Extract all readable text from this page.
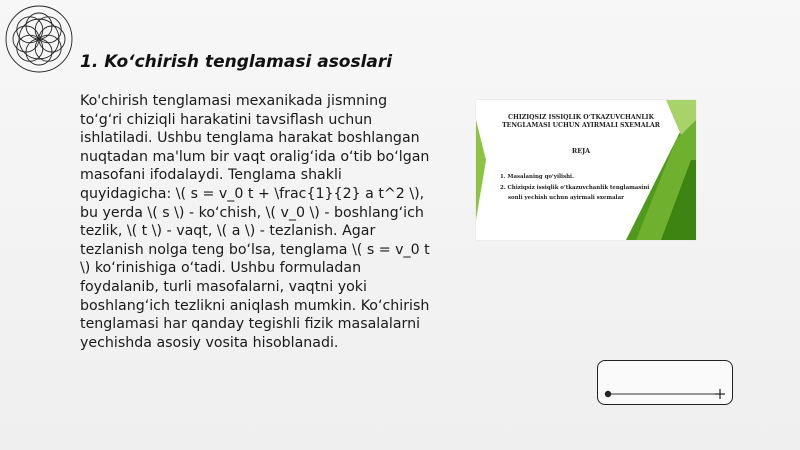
1. Ko‘chirish tenglamasi asoslari
Ko'chirish tenglamasi mexanikada jismning to‘g‘ri chiziqli harakatini tavsiflash uchun ishlatiladi. Ushbu tenglama harakat boshlangan nuqtadan ma'lum bir vaqt oralig‘ida o‘tib bo‘lgan masofani ifodalaydi. Tenglama shakli quyidagicha: \( s = v_0 t + \frac{1}{2} a t^2 \), bu yerda \( s \) - ko‘chish, \( v_0 \) - boshlang‘ich tezlik, \( t \) - vaqt, \( a \) - tezlanish. Agar tezlanish nolga teng bo‘lsa, tenglama \( s = v_0 t \) ko‘rinishiga o‘tadi. Ushbu formuladan foydalanib, turli masofalarni, vaqtni yoki boshlang‘ich tezlikni aniqlash mumkin. Ko‘chirish tenglamasi har qanday tegishli fizik masalalarni yechishda asosiy vosita hisoblanadi.
CHIZIQSIZ ISSIQLIK O‘TKAZUVCHANLIK
TENGLAMASI UCHUN AYIRMALI SXEMALAR
REJA
1. Masalaning qo‘yilishi.
2. Chiziqsiz issiqlik o‘tkazuvchanlik tenglamasini
sonli yechish uchun ayirmali sxemalar
